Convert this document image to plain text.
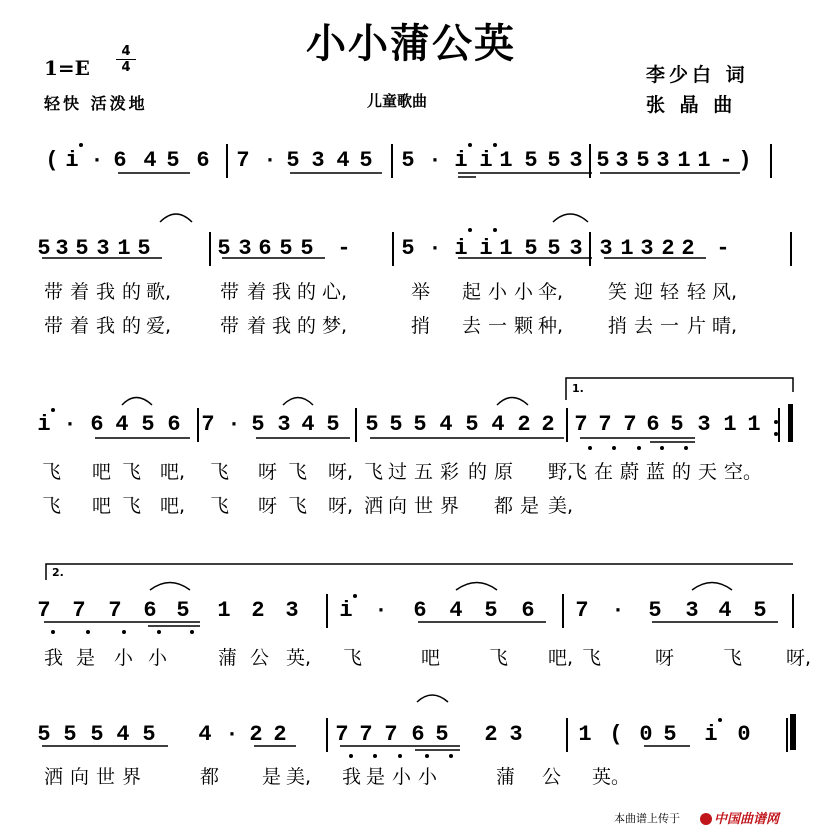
小小蒲公英
1=E
4
4
轻快 活泼地	儿童歌曲
李少白 词
张 晶 曲
( i · 6 4 5 6 7 · 5 3 4 5 5 · i i 1 5 5 3 5 3 5 3 1 1 - )
5 3 5 3 1 5	5 3 6 5 5 - 5 · i i 1 5 5 3 3 1 3 2 2 -
带 着 我 的 歌,	带 着 我 的 心,	举 起 小 小 伞, 笑 迎 轻 轻 风,
带 着 我 的 爱,	带 着 我 的 梦,	捎 去 一 颗 种, 捎 去 一 片 晴,
i · 6 4 5 6 7 · 5 3 4 5 5 5 5 4 5 4 2 2 7 7 7 6 5 3 1 1
飞 吧 飞 吧, 飞 呀 飞 呀, 飞 过 五 彩 的 原 野,
飞 在 蔚 蓝 的 天 空。
飞 吧 飞 吧, 飞 呀 飞 呀, 洒 向 世 界 都 是 美,
7 7 7 6 5 1 2 3 i · 6 4 5 6 7 · 5 3 4 5
我 是 小 小	蒲 公 英, 飞	吧	飞 吧, 飞	呀	飞 呀,
5 5 5 4 5 4 · 2 2 7 7 7 6 5 2 3	1 ( 0 5 i 0
洒 向 世 界	都 是 美, 我 是 小 小	蒲 公 英。
本曲谱上传于	中国曲谱网
1.
2.
